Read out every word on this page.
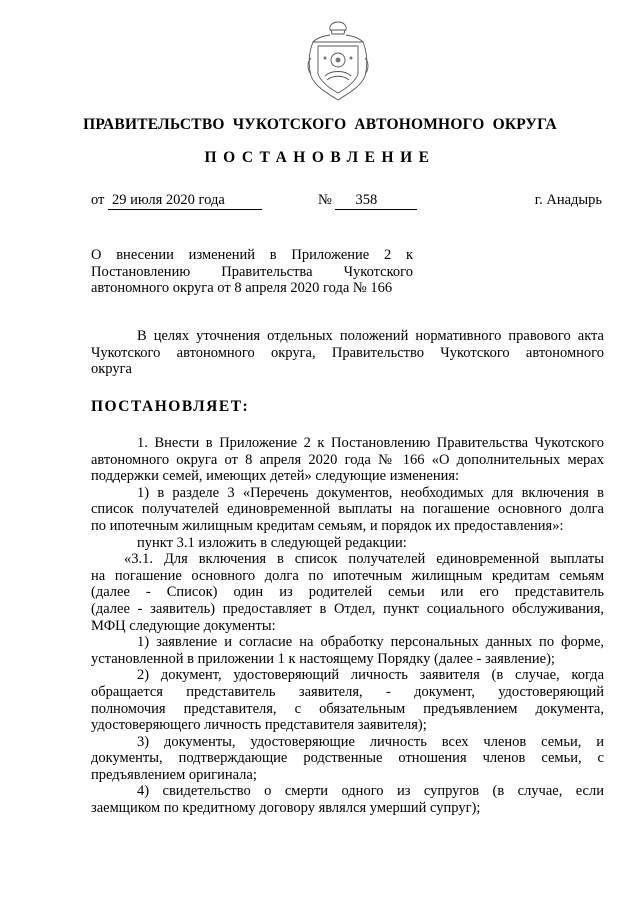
ПРАВИТЕЛЬСТВО ЧУКОТСКОГО АВТОНОМНОГО ОКРУГА
ПОСТАНОВЛЕНИЕ
от 29 июля 2020 года	№ 358	г. Анадырь
О внесении изменений в Приложение 2 к
Постановлению Правительства Чукотского
автономного округа от 8 апреля 2020 года № 166
В целях уточнения отдельных положений нормативного правового акта
Чукотского автономного округа, Правительство Чукотского автономного
округа
ПОСТАНОВЛЯЕТ:
1. Внести в Приложение 2 к Постановлению Правительства Чукотского
автономного округа от 8 апреля 2020 года № 166 «О дополнительных мерах
поддержки семей, имеющих детей» следующие изменения:
1) в разделе 3 «Перечень документов, необходимых для включения в
список получателей единовременной выплаты на погашение основного долга
по ипотечным жилищным кредитам семьям, и порядок их предоставления»:
пункт 3.1 изложить в следующей редакции:
«3.1. Для включения в список получателей единовременной выплаты
на погашение основного долга по ипотечным жилищным кредитам семьям
(далее - Список) один из родителей семьи или его представитель
(далее - заявитель) предоставляет в Отдел, пункт социального обслуживания,
МФЦ следующие документы:
1) заявление и согласие на обработку персональных данных по форме,
установленной в приложении 1 к настоящему Порядку (далее - заявление);
2) документ, удостоверяющий личность заявителя (в случае, когда
обращается представитель заявителя, - документ, удостоверяющий
полномочия представителя, с обязательным предъявлением документа,
удостоверяющего личность представителя заявителя);
3) документы, удостоверяющие личность всех членов семьи, и
документы, подтверждающие родственные отношения членов семьи, с
предъявлением оригинала;
4) свидетельство о смерти одного из супругов (в случае, если
заемщиком по кредитному договору являлся умерший супруг);
